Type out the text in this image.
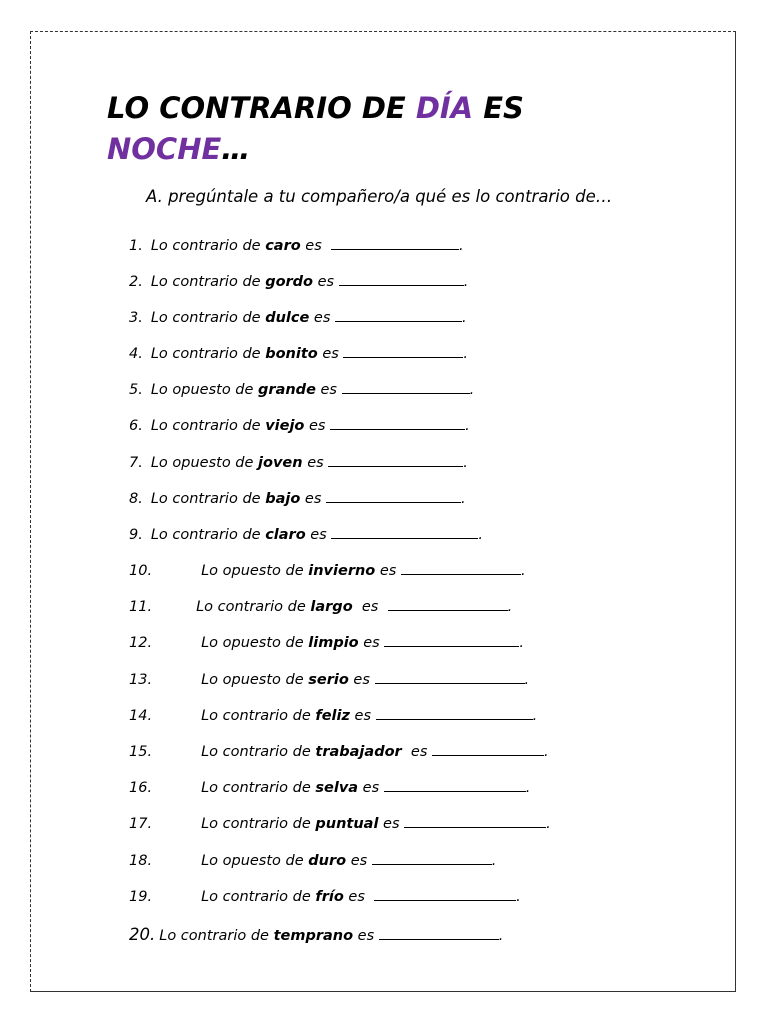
LO CONTRARIO DE DÍA ES
NOCHE…

A. pregúntale a tu compañero/a qué es lo contrario de…

1. Lo contrario de caro es	.
2. Lo contrario de gordo es	.
3. Lo contrario de dulce es	.
4. Lo contrario de bonito es	.
5. Lo opuesto de grande es	.
6. Lo contrario de viejo es	.
7. Lo opuesto de joven es	.
8. Lo contrario de bajo es	.
9. Lo contrario de claro es	.
10.	Lo opuesto de invierno es	.
11.	Lo contrario de largo  es	.
12.	Lo opuesto de limpio es	.
13.	Lo opuesto de serio es	.
14.	Lo contrario de feliz es	.
15.	Lo contrario de trabajador  es	.
16.	Lo contrario de selva es	.
17.	Lo contrario de puntual es	.
18.	Lo opuesto de duro es	.
19.	Lo contrario de frío es	.
20. Lo contrario de temprano es	.
